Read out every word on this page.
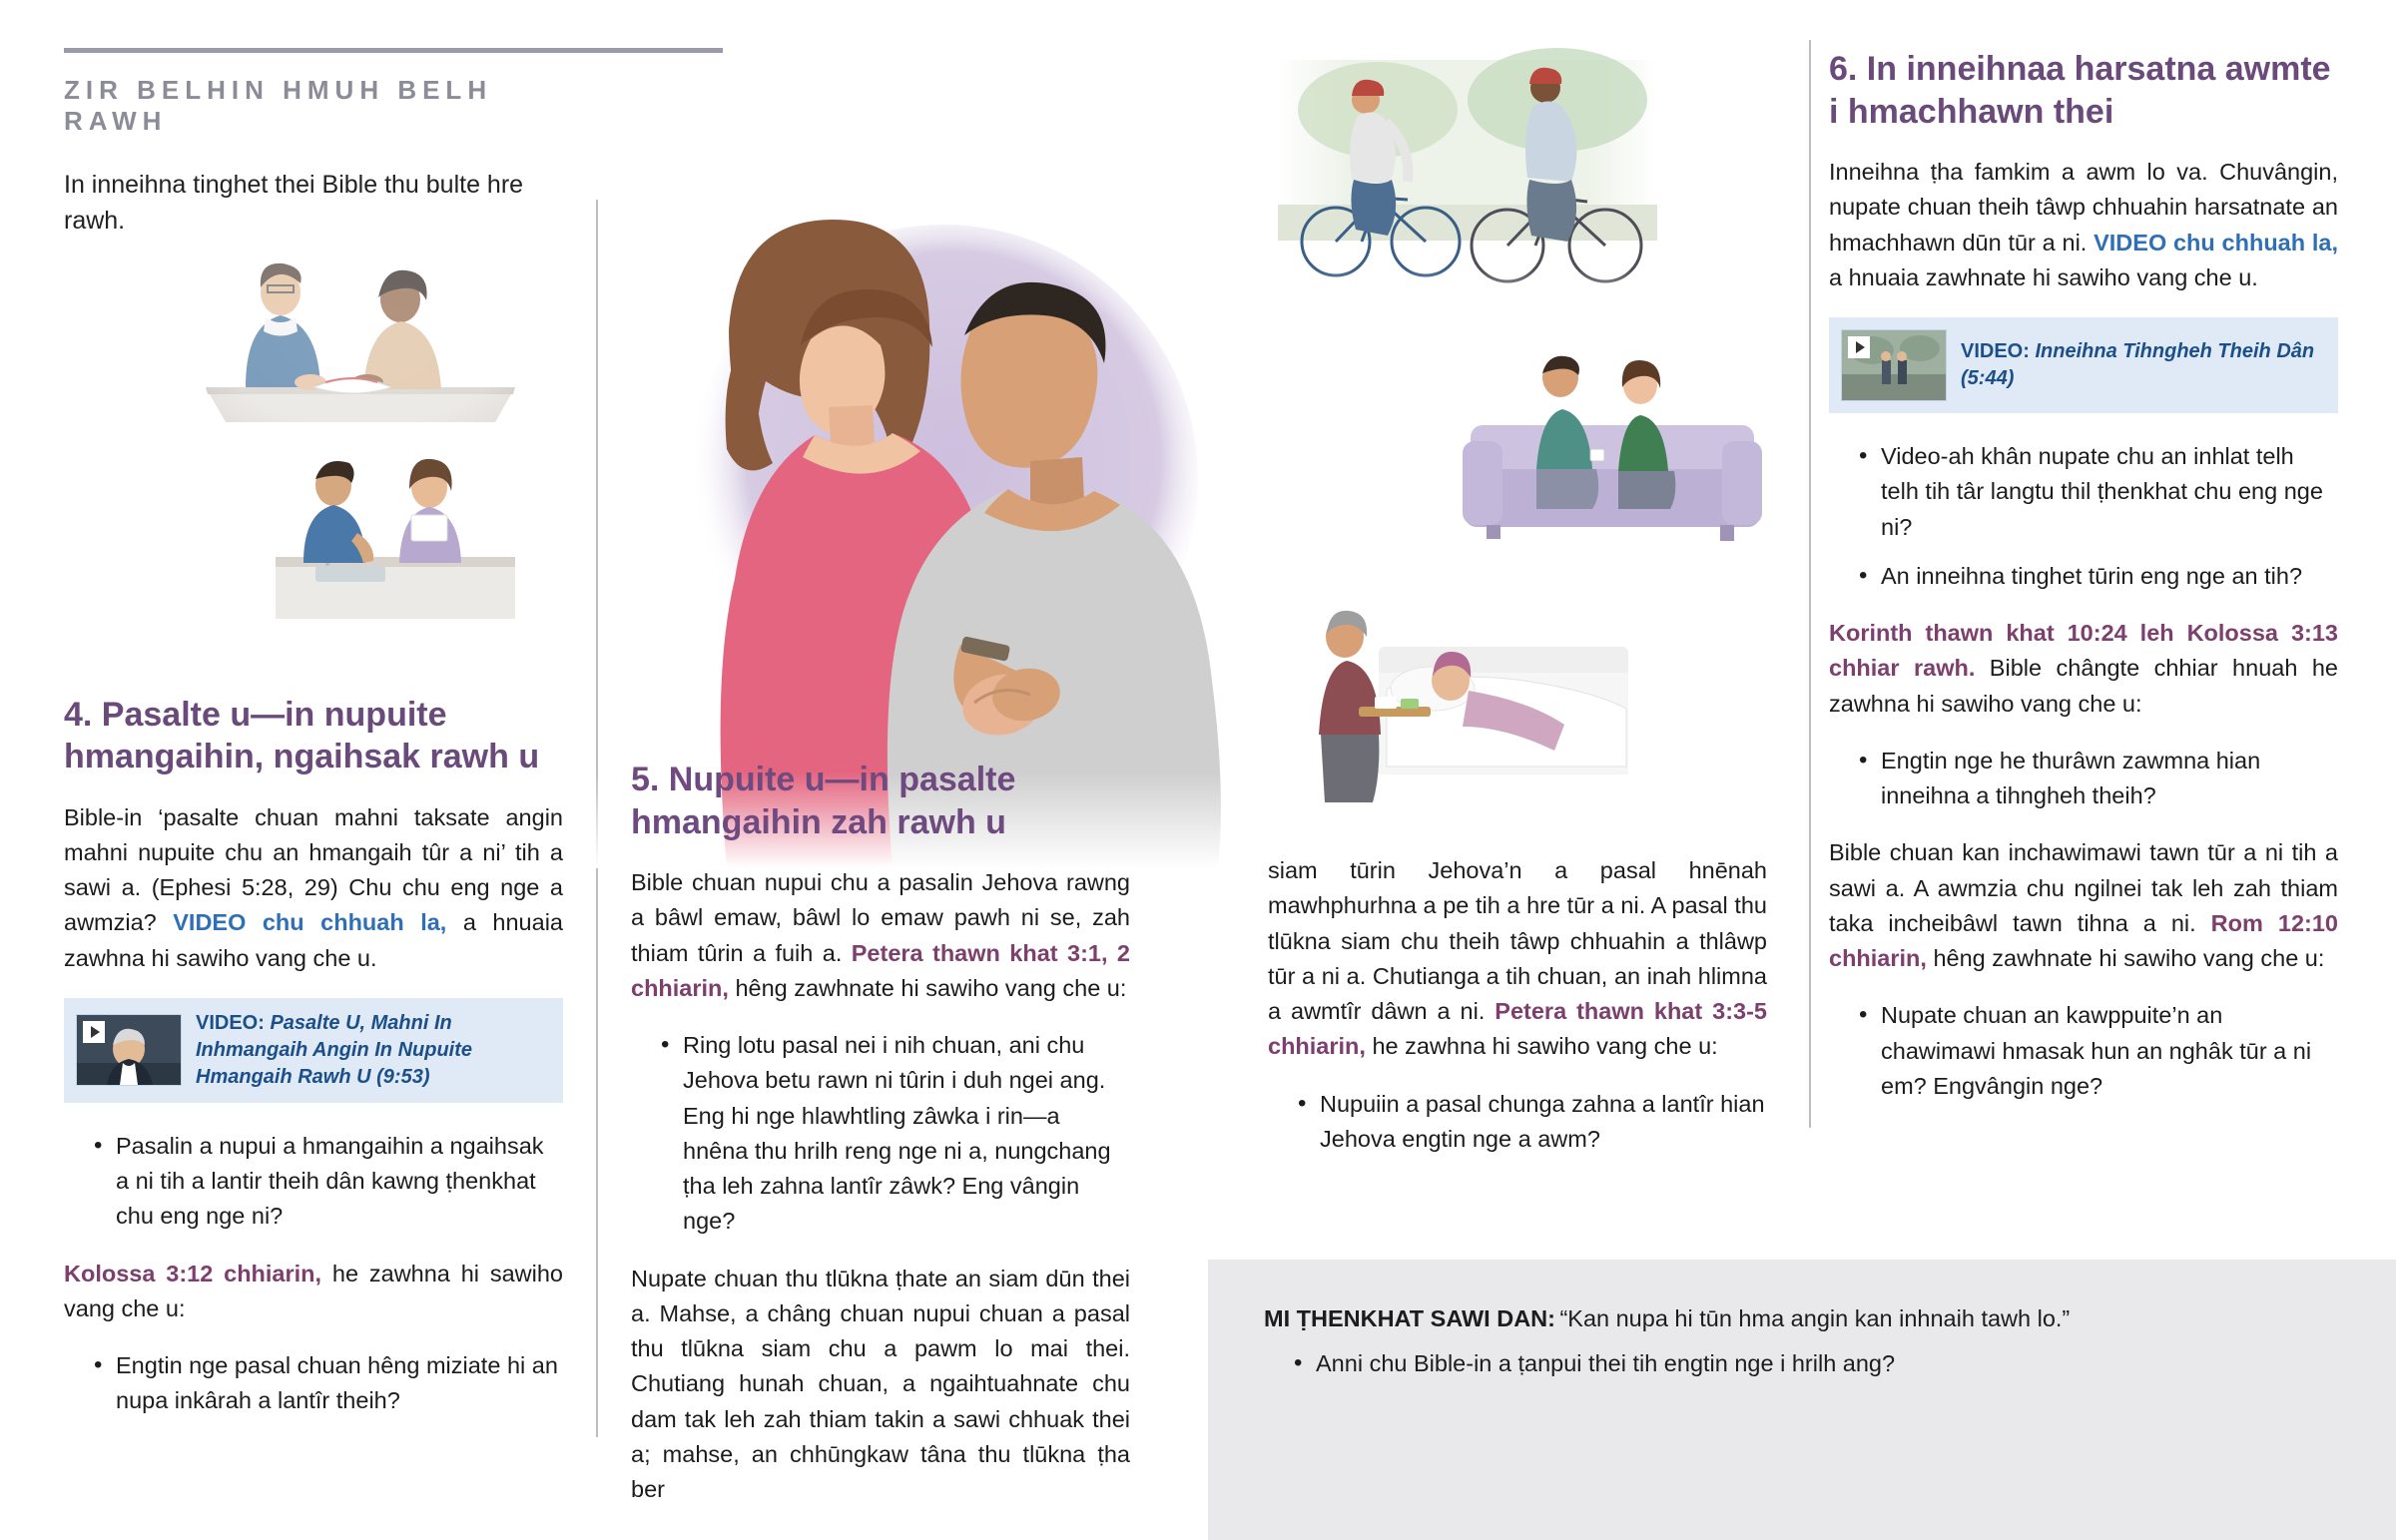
ZIR BELHIN HMUH BELH RAWH

In inneihna tinghet thei Bible thu bulte hre rawh.

4. Pasalte u—in nupuite hmangaihin, ngaihsak rawh u

Bible-in ‘pasalte chuan mahni taksate angin mahni nupuite chu an hmangaih tûr a ni’ tih a sawi a. (Ephesi 5:28, 29) Chu chu eng nge a awmzia? VIDEO chu chhuah la, a hnuaia zawhna hi sawiho vang che u.

VIDEO: Pasalte U, Mahni In Inhmangaih Angin In Nupuite Hmangaih Rawh U (9:53)
• Pasalin a nupui a hmangaihin a ngaihsak a ni tih a lantir theih dân kawng ṭhenkhat chu eng nge ni?

Kolossa 3:12 chhiarin, he zawhna hi sawiho vang che u:

• Engtin nge pasal chuan hêng miziate hi an nupa inkârah a lantîr theih?
5. Nupuite u—in pasalte hmangaihin zah rawh u

Bible chuan nupui chu a pasalin Jehova rawng a bâwl emaw, bâwl lo emaw pawh ni se, zah thiam tûrin a fuih a. Petera thawn khat 3:1, 2 chhiarin, hêng zawhnate hi sawiho vang che u:

• Ring lotu pasal nei i nih chuan, ani chu Jehova betu rawn ni tûrin i duh ngei ang. Eng hi nge hlawhtling zâwka i rin—a hnêna thu hrilh reng nge ni a, nungchang ṭha leh zahna lantîr zâwk? Eng vângin nge?

Nupate chuan thu tlūkna ṭhate an siam dūn thei a. Mahse, a châng chuan nupui chuan a pasal thu tlūkna siam chu a pawm lo mai thei. Chutiang hunah chuan, a ngaihtuahnate chu dam tak leh zah thiam takin a sawi chhuak thei a; mahse, an chhūngkaw tâna thu tlūkna ṭha ber

siam tūrin Jehova’n a pasal hnēnah mawhphurhna a pe tih a hre tūr a ni. A pasal thu tlūkna siam chu theih tâwp chhuahin a thlâwp tūr a ni a. Chutianga a tih chuan, an inah hlimna a awmtîr dâwn a ni. Petera thawn khat 3:3-5 chhiarin, he zawhna hi sawiho vang che u:

• Nupuiin a pasal chunga zahna a lantîr hian Jehova engtin nge a awm?
6. In inneihnaa harsatna awmte i hmachhawn thei

Inneihna ṭha famkim a awm lo va. Chuvângin, nupate chuan theih tâwp chhuahin harsatnate an hmachhawn dūn tūr a ni. VIDEO chu chhuah la, a hnuaia zawhnate hi sawiho vang che u.

VIDEO: Inneihna Tihngheh Theih Dân (5:44)
• Video-ah khân nupate chu an inhlat telh telh tih târ langtu thil ṭhenkhat chu eng nge ni?
• An inneihna tinghet tūrin eng nge an tih?

Korinth thawn khat 10:24 leh Kolossa 3:13 chhiar rawh. Bible chângte chhiar hnuah he zawhna hi sawiho vang che u:

• Engtin nge he thurâwn zawmna hian inneihna a tihngheh theih?

Bible chuan kan inchawimawi tawn tūr a ni tih a sawi a. A awmzia chu ngilnei tak leh zah thiam taka incheibâwl tawn tihna a ni. Rom 12:10 chhiarin, hêng zawhnate hi sawiho vang che u:

• Nupate chuan an kawppuite’n an chawimawi hmasak hun an nghâk tūr a ni em? Engvângin nge?

MI ṬHENKHAT SAWI DAN: “Kan nupa hi tūn hma angin kan inhnaih tawh lo.”

• Anni chu Bible-in a ṭanpui thei tih engtin nge i hrilh ang?
